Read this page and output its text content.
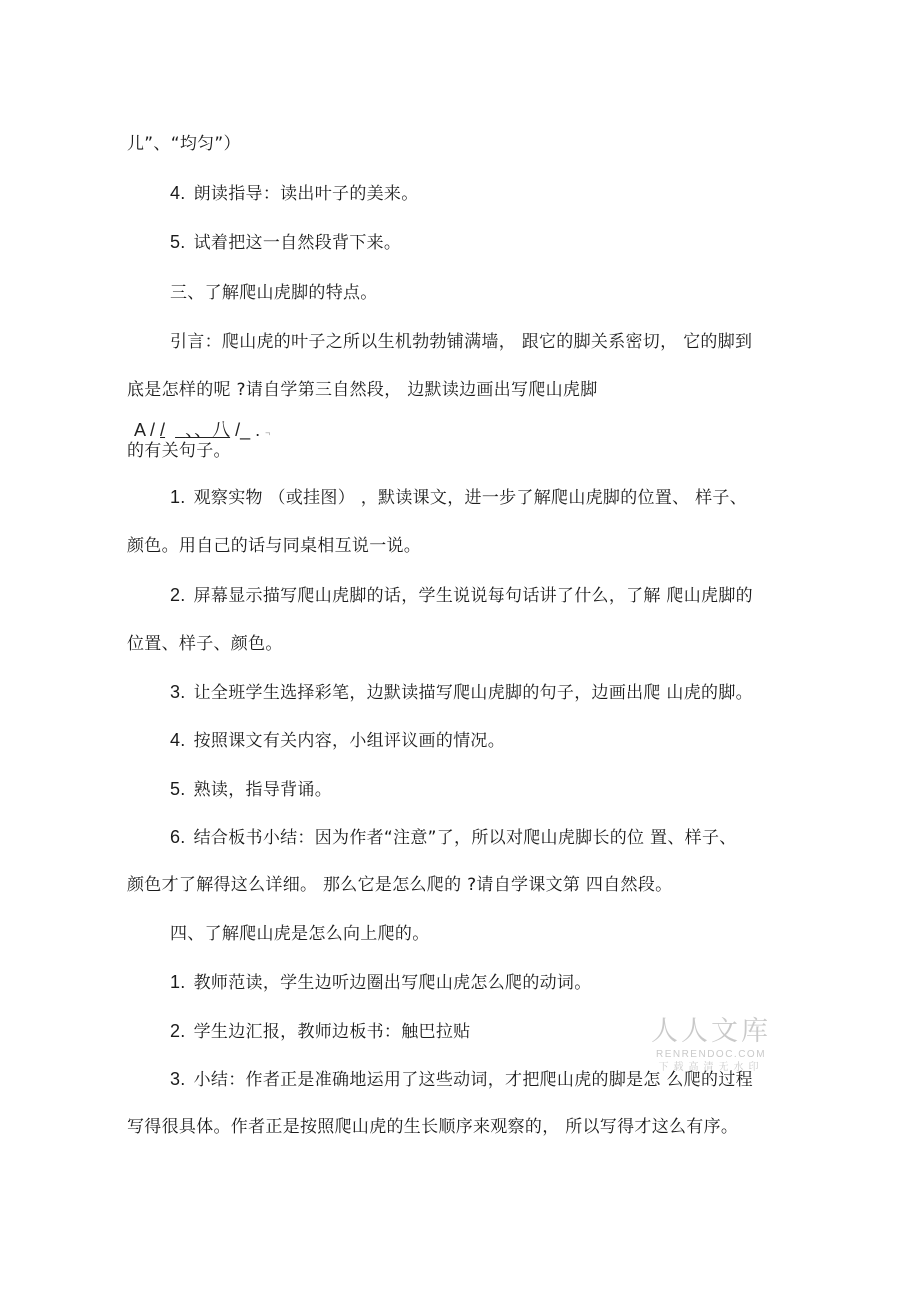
儿”、“均匀”）
4. 朗读指导：读出叶子的美来。
5. 试着把这一自然段背下来。
三、了解爬山虎脚的特点。
引言：爬山虎的叶子之所以生机勃勃铺满墙， 跟它的脚关系密切， 它的脚到
底是怎样的呢 ?请自学第三自然段， 边默读边画出写爬山虎脚
A / / 、、八 /_ . ¬
的有关句子。
1. 观察实物 （或挂图） ，默读课文，进一步了解爬山虎脚的位置、 样子、
颜色。用自己的话与同桌相互说一说。
2. 屏幕显示描写爬山虎脚的话，学生说说每句话讲了什么，了解 爬山虎脚的
位置、样子、颜色。
3. 让全班学生选择彩笔，边默读描写爬山虎脚的句子，边画出爬 山虎的脚。
4. 按照课文有关内容，小组评议画的情况。
5. 熟读，指导背诵。
6. 结合板书小结：因为作者“注意”了，所以对爬山虎脚长的位 置、样子、
颜色才了解得这么详细。 那么它是怎么爬的 ?请自学课文第 四自然段。
四、了解爬山虎是怎么向上爬的。
1. 教师范读，学生边听边圈出写爬山虎怎么爬的动词。
2. 学生边汇报，教师边板书：触巴拉贴
3. 小结：作者正是准确地运用了这些动词，才把爬山虎的脚是怎 么爬的过程
写得很具体。作者正是按照爬山虎的生长顺序来观察的， 所以写得才这么有序。
人人文库
RENRENDOC.COM
下载高清无水印
